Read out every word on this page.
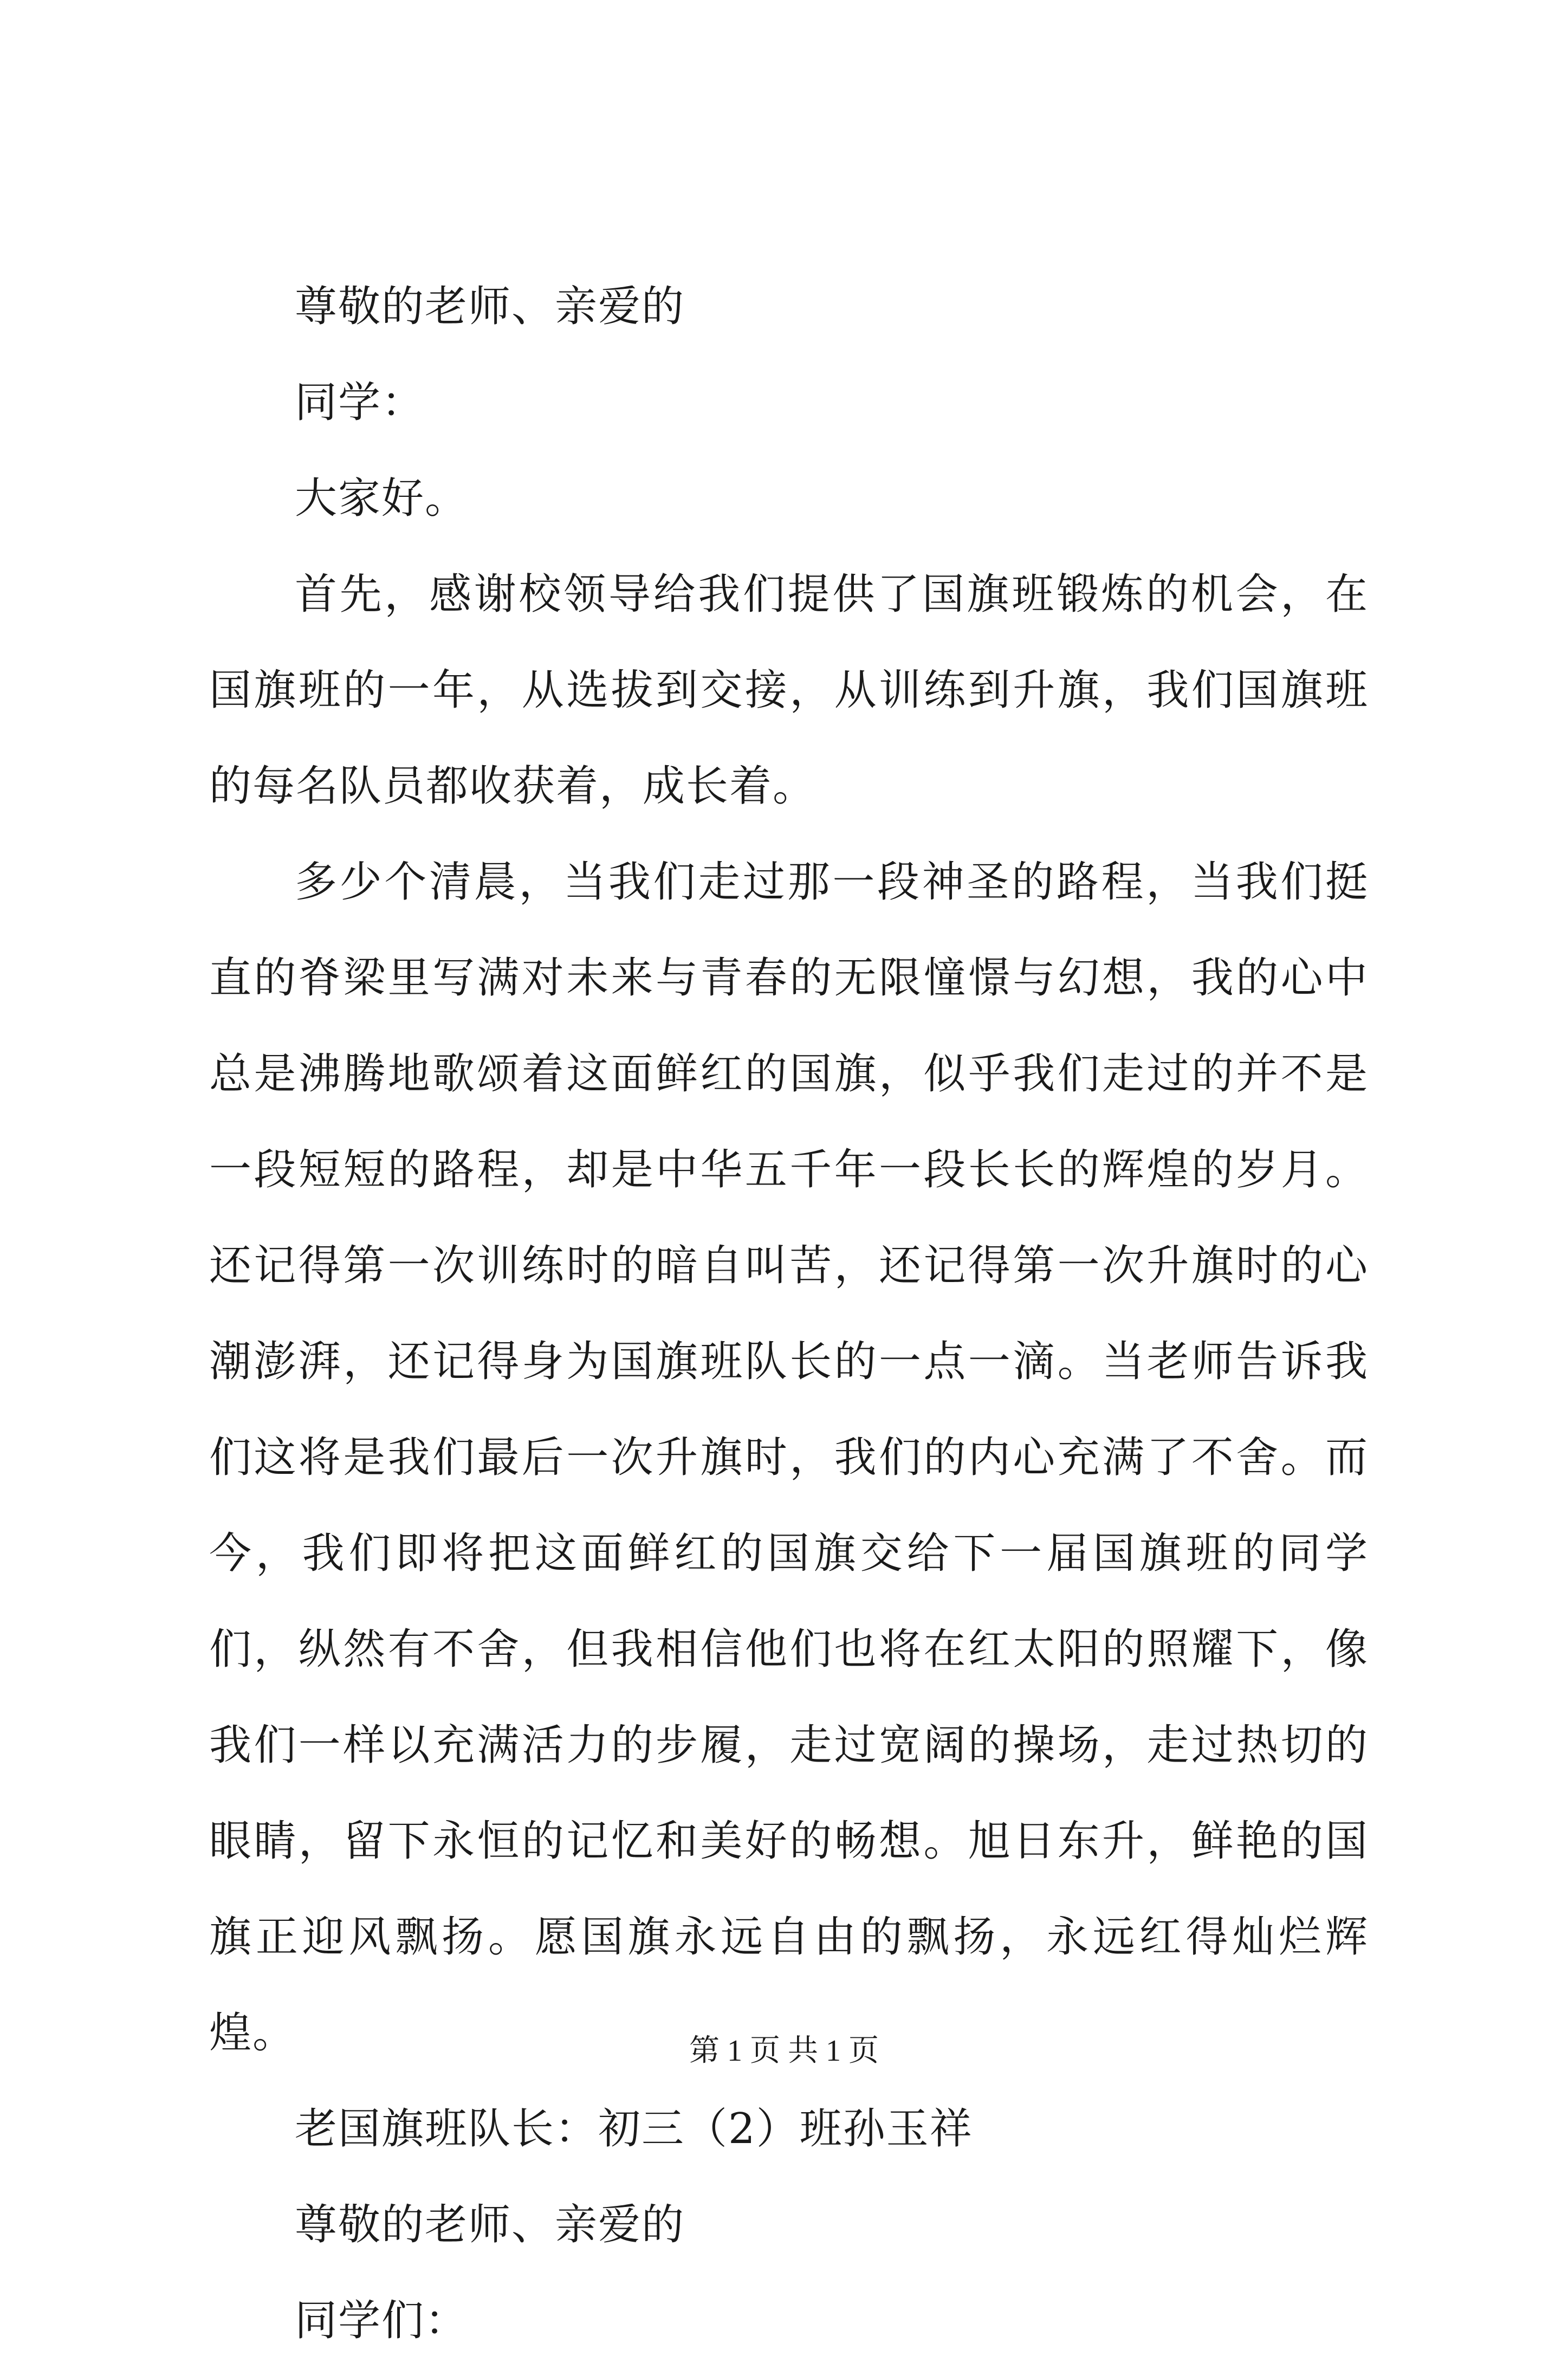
尊敬的老师、亲爱的

同学：

大家好。

首先，感谢校领导给我们提供了国旗班锻炼的机会，在国旗班的一年，从选拔到交接，从训练到升旗，我们国旗班的每名队员都收获着，成长着。

多少个清晨，当我们走过那一段神圣的路程，当我们挺直的脊梁里写满对未来与青春的无限憧憬与幻想，我的心中总是沸腾地歌颂着这面鲜红的国旗，似乎我们走过的并不是一段短短的路程，却是中华五千年一段长长的辉煌的岁月。还记得第一次训练时的暗自叫苦，还记得第一次升旗时的心潮澎湃，还记得身为国旗班队长的一点一滴。当老师告诉我们这将是我们最后一次升旗时，我们的内心充满了不舍。而今，我们即将把这面鲜红的国旗交给下一届国旗班的同学们，纵然有不舍，但我相信他们也将在红太阳的照耀下，像我们一样以充满活力的步履，走过宽阔的操场，走过热切的眼睛，留下永恒的记忆和美好的畅想。旭日东升，鲜艳的国旗正迎风飘扬。愿国旗永远自由的飘扬，永远红得灿烂辉煌。

老国旗班队长：初三（2）班孙玉祥

尊敬的老师、亲爱的

同学们：

第 1 页 共 1 页
